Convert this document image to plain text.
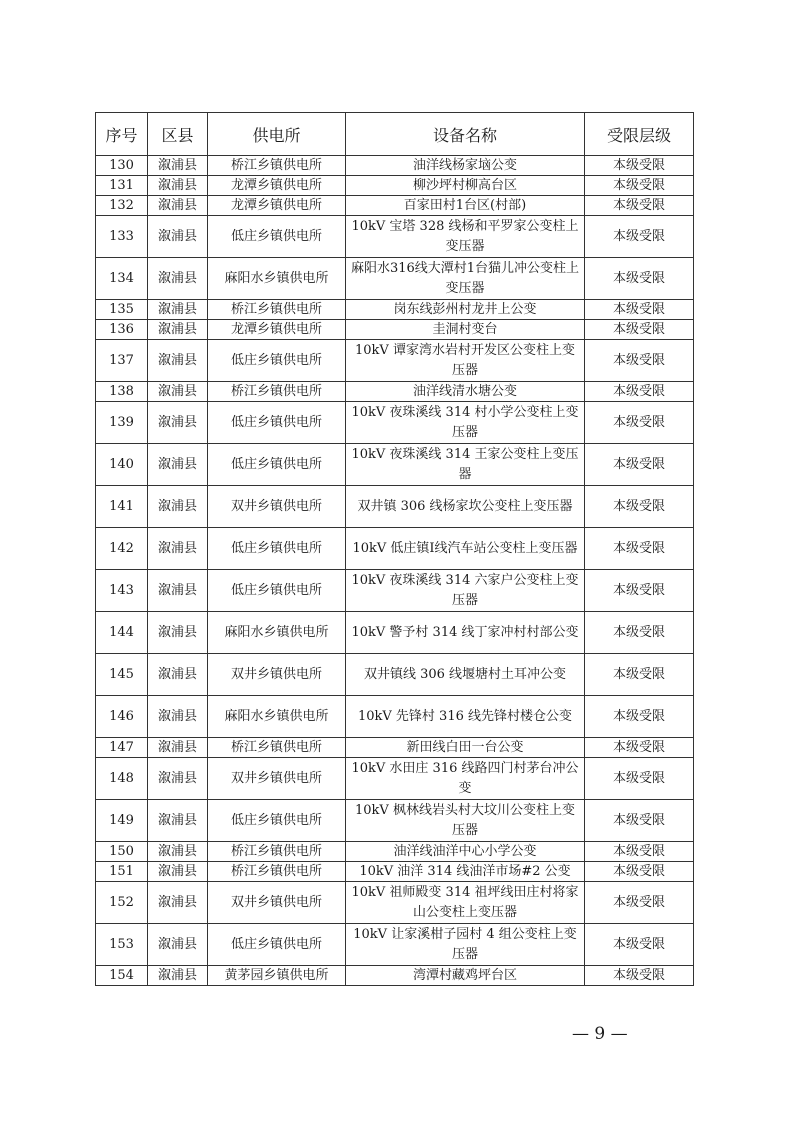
序号	区县	供电所	设备名称	受限层级
130	溆浦县	桥江乡镇供电所	油洋线杨家垴公变	本级受限
131	溆浦县	龙潭乡镇供电所	柳沙坪村柳高台区	本级受限
132	溆浦县	龙潭乡镇供电所	百家田村1台区(村部)	本级受限
133	溆浦县	低庄乡镇供电所	10kV 宝塔 328 线杨和平罗家公变柱上变压器	本级受限
134	溆浦县	麻阳水乡镇供电所	麻阳水316线大潭村1台猫儿冲公变柱上变压器	本级受限
135	溆浦县	桥江乡镇供电所	岗东线彭州村龙井上公变	本级受限
136	溆浦县	龙潭乡镇供电所	圭洞村变台	本级受限
137	溆浦县	低庄乡镇供电所	10kV 谭家湾水岩村开发区公变柱上变压器	本级受限
138	溆浦县	桥江乡镇供电所	油洋线清水塘公变	本级受限
139	溆浦县	低庄乡镇供电所	10kV 夜珠溪线 314 村小学公变柱上变压器	本级受限
140	溆浦县	低庄乡镇供电所	10kV 夜珠溪线 314 王家公变柱上变压器	本级受限
141	溆浦县	双井乡镇供电所	双井镇 306 线杨家坎公变柱上变压器	本级受限
142	溆浦县	低庄乡镇供电所	10kV 低庄镇Ⅰ线汽车站公变柱上变压器	本级受限
143	溆浦县	低庄乡镇供电所	10kV 夜珠溪线 314 六家户公变柱上变压器	本级受限
144	溆浦县	麻阳水乡镇供电所	10kV 警予村 314 线丁家冲村村部公变	本级受限
145	溆浦县	双井乡镇供电所	双井镇线 306 线堰塘村土耳冲公变	本级受限
146	溆浦县	麻阳水乡镇供电所	10kV 先锋村 316 线先锋村楼仓公变	本级受限
147	溆浦县	桥江乡镇供电所	新田线白田一台公变	本级受限
148	溆浦县	双井乡镇供电所	10kV 水田庄 316 线路四门村茅台冲公变	本级受限
149	溆浦县	低庄乡镇供电所	10kV 枫林线岩头村大坟川公变柱上变压器	本级受限
150	溆浦县	桥江乡镇供电所	油洋线油洋中心小学公变	本级受限
151	溆浦县	桥江乡镇供电所	10kV 油洋 314 线油洋市场#2 公变	本级受限
152	溆浦县	双井乡镇供电所	10kV 祖师殿变 314 祖坪线田庄村将家山公变柱上变压器	本级受限
153	溆浦县	低庄乡镇供电所	10kV 让家溪柑子园村 4 组公变柱上变压器	本级受限
154	溆浦县	黄茅园乡镇供电所	湾潭村藏鸡坪台区	本级受限
— 9 —
